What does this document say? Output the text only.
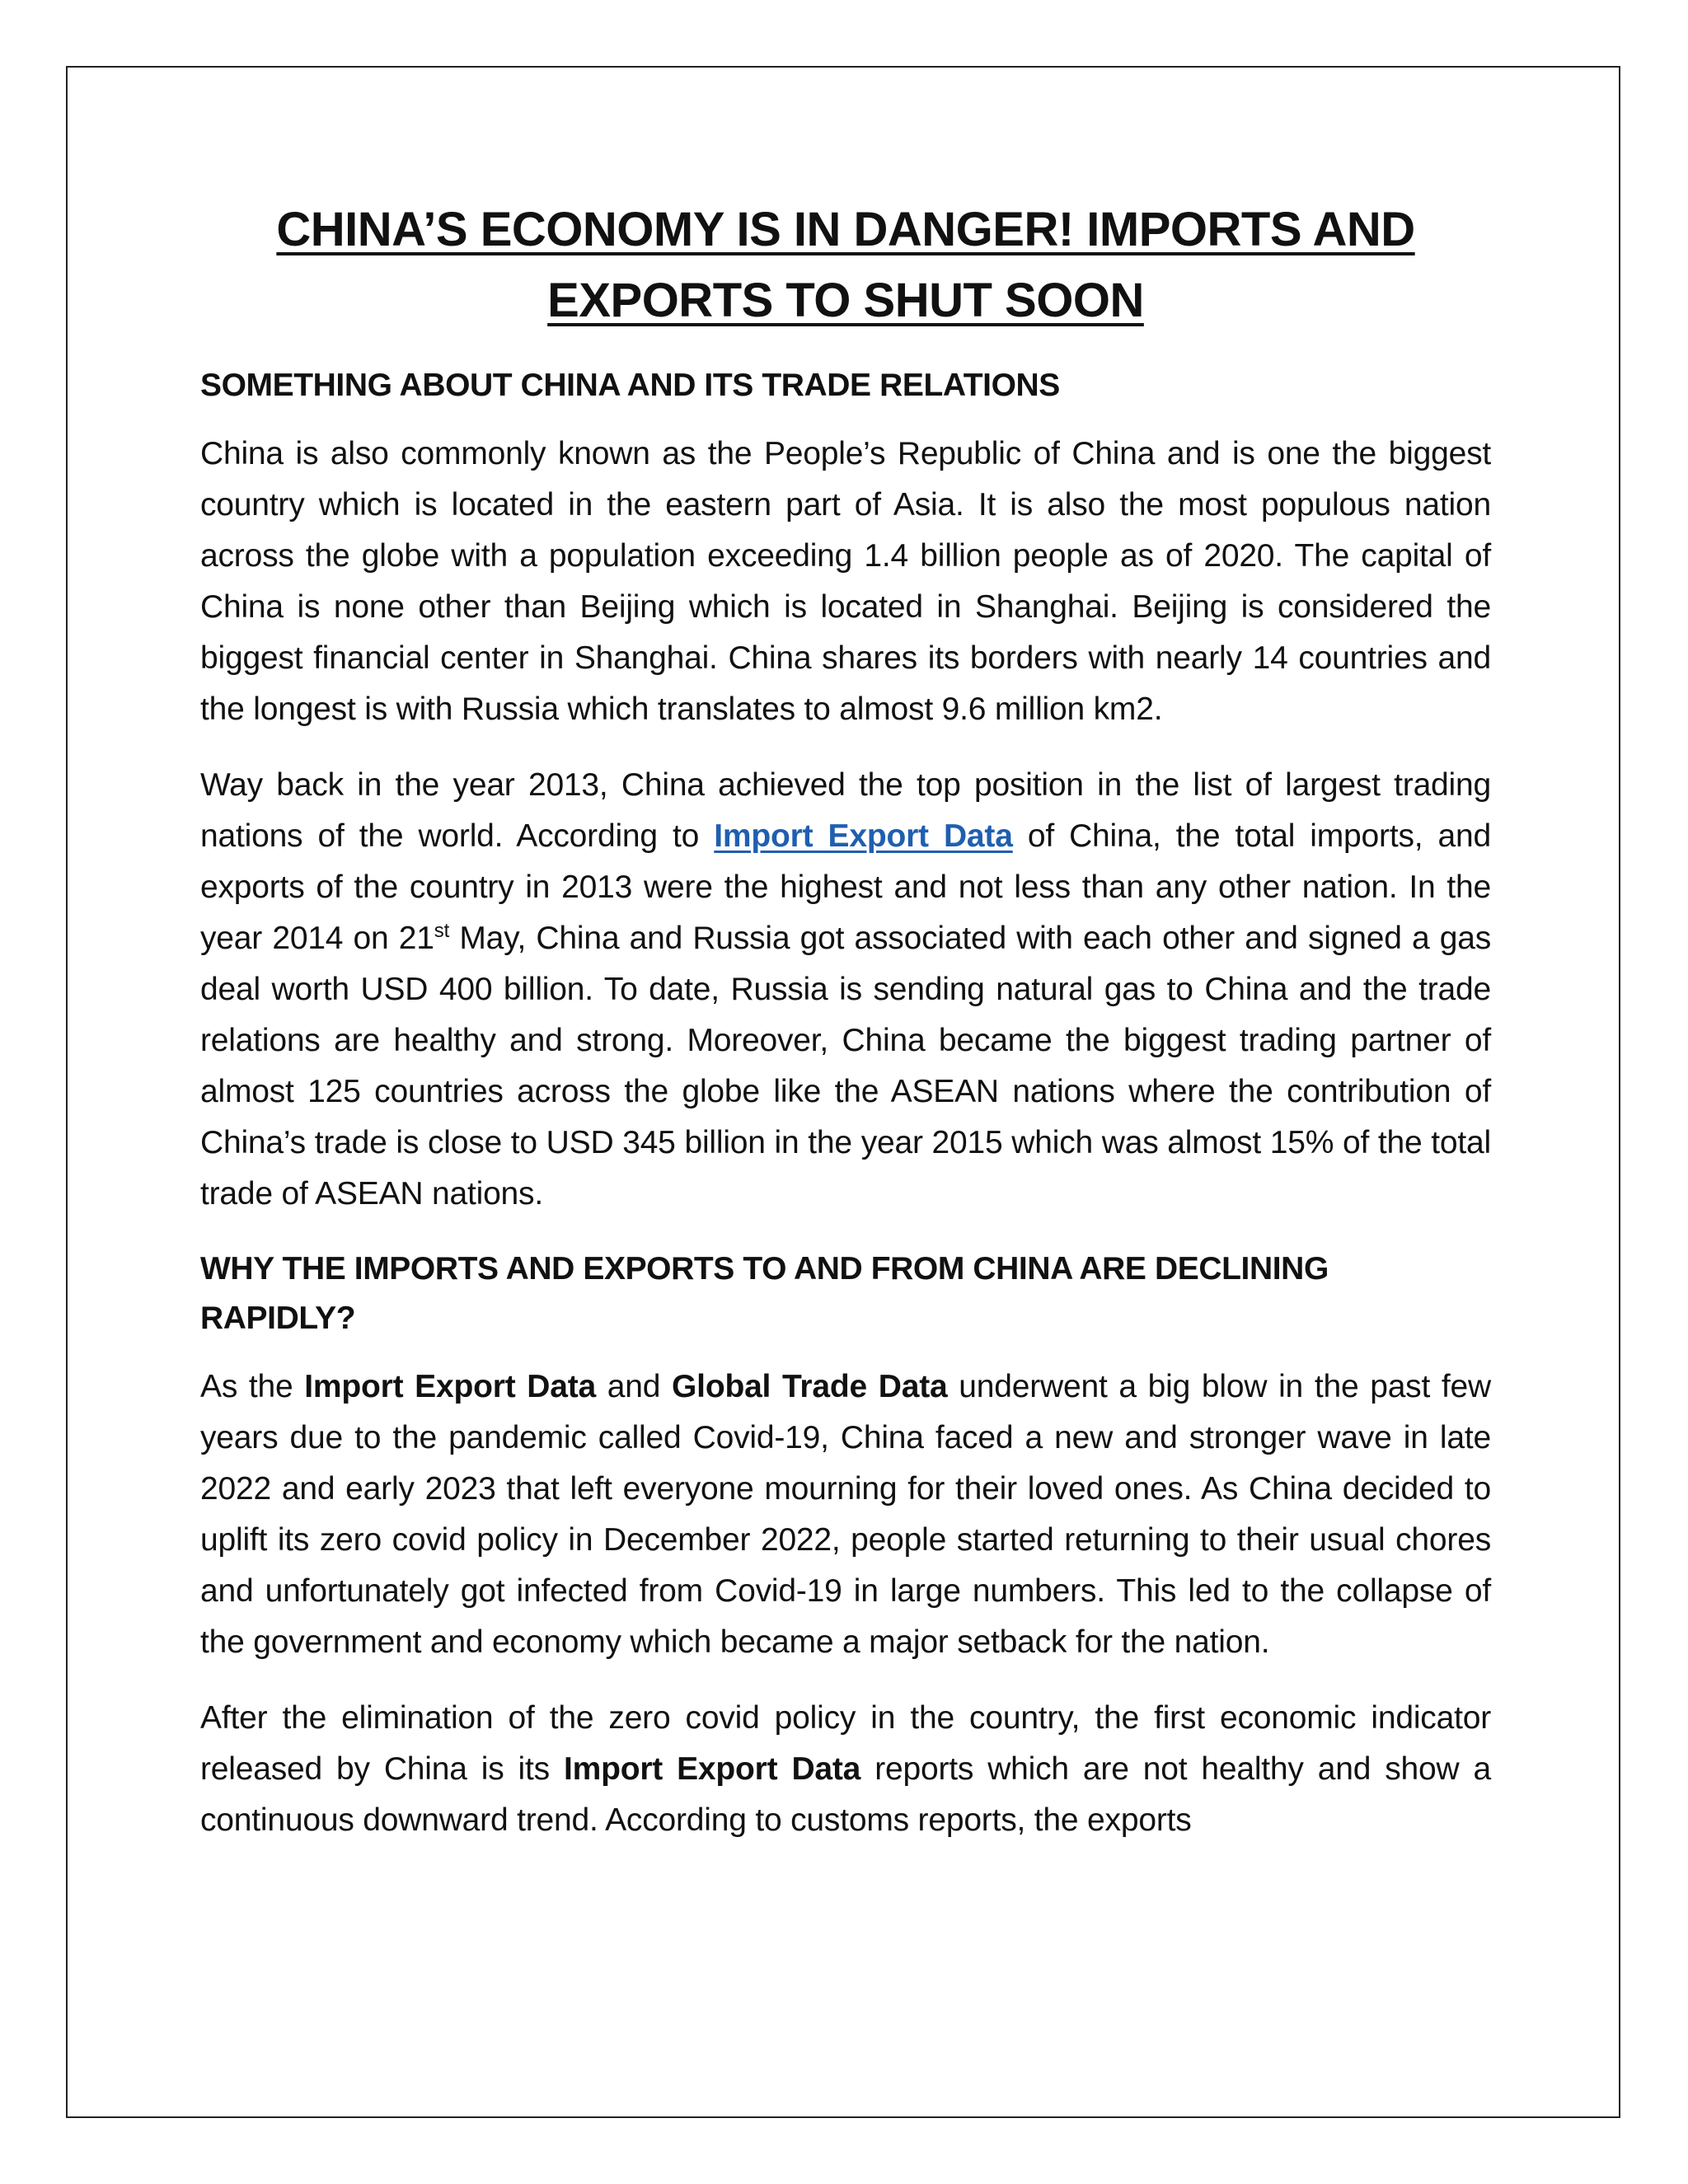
CHINA’S ECONOMY IS IN DANGER! IMPORTS AND
EXPORTS TO SHUT SOON
SOMETHING ABOUT CHINA AND ITS TRADE RELATIONS

China is also commonly known as the People’s Republic of China and is one the biggest country which is located in the eastern part of Asia. It is also the most populous nation across the globe with a population exceeding 1.4 billion people as of 2020. The capital of China is none other than Beijing which is located in Shanghai. Beijing is considered the biggest financial center in Shanghai. China shares its borders with nearly 14 countries and the longest is with Russia which translates to almost 9.6 million km2.

Way back in the year 2013, China achieved the top position in the list of largest trading nations of the world. According to Import Export Data of China, the total imports, and exports of the country in 2013 were the highest and not less than any other nation. In the year 2014 on 21st May, China and Russia got associated with each other and signed a gas deal worth USD 400 billion. To date, Russia is sending natural gas to China and the trade relations are healthy and strong. Moreover, China became the biggest trading partner of almost 125 countries across the globe like the ASEAN nations where the contribution of China’s trade is close to USD 345 billion in the year 2015 which was almost 15% of the total trade of ASEAN nations.

WHY THE IMPORTS AND EXPORTS TO AND FROM CHINA ARE DECLINING RAPIDLY?

As the Import Export Data and Global Trade Data underwent a big blow in the past few years due to the pandemic called Covid-19, China faced a new and stronger wave in late 2022 and early 2023 that left everyone mourning for their loved ones. As China decided to uplift its zero covid policy in December 2022, people started returning to their usual chores and unfortunately got infected from Covid-19 in large numbers. This led to the collapse of the government and economy which became a major setback for the nation.

After the elimination of the zero covid policy in the country, the first economic indicator released by China is its Import Export Data reports which are not healthy and show a continuous downward trend. According to customs reports, the exports
